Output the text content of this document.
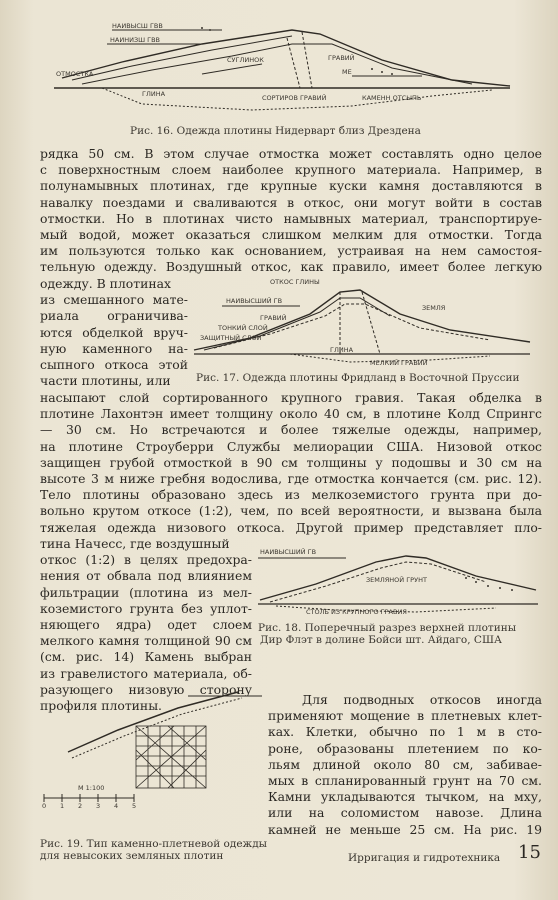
НАИВЫСШ ГВВ
НАИНИЗШ ГВВ
ОТМОСТКА
СУГЛИНОК	ГРАВИЙ
ГЛИНА	СОРТИРОВ ГРАВИЙ	КАМЕНН ОТСЫПЬ
МЕ
Рис. 16. Одежда плотины Нидерварт близ Дрездена
рядка 50 см. В этом случае отмостка может составлять одно целое
с поверхностным слоем наиболее крупного материала. Например, в
полунамывных плотинах, где крупные куски камня доставляются в
навалку поездами и сваливаются в откос, они могут войти в состав
отмостки. Но в плотинах чисто намывных материал, транспортируе-
мый водой, может оказаться слишком мелким для отмостки. Тогда
им пользуются только как основанием, устраивая на нем самостоя-
тельную одежду. Воздушный откос, как правило, имеет более легкую
одежду. В плотинах
из смешанного мате-
риала ограничива-
ются обделкой вруч-
ную каменного на-
сыпного откоса этой
части плотины, или
ОТКОС ГЛИНЫ
НАИВЫСШИЙ ГВ
ГРАВИЙ
ТОНКИЙ СЛОЙ
ЗАЩИТНЫЙ СЛОЙ
ГЛИНА
МЕЛКИЙ ГРАВИЙ
ЗЕМЛЯ
Рис. 17. Одежда плотины Фридланд в Восточной Пруссии
насыпают слой сортированного крупного гравия. Такая обделка в
плотине Лахонтэн имеет толщину около 40 см, в плотине Колд Спрингс
— 30 см. Но встречаются и более тяжелые одежды, например,
на плотине Строуберри Службы мелиорации США. Низовой откос
защищен грубой отмосткой в 90 см толщины у подошвы и 30 см на
высоте 3 м ниже гребня водослива, где отмостка кончается (см. рис. 12).
Тело плотины образовано здесь из мелкоземистого грунта при до-
вольно крутом откосе (1:2), чем, по всей вероятности, и вызвана была
тяжелая одежда низового откоса. Другой пример представляет пло-
тина Начесс, где воздушный
откос (1:2) в целях предохра-
нения от обвала под влиянием
фильтрации (плотина из мел-
коземистого грунта без уплот-
няющего ядра) одет слоем
мелкого камня толщиной 90 см
(см. рис. 14) Камень выбран
из гравелистого материала, об-
разующего низовую сторону
профиля плотины.
НАИВЫСШИЙ ГВ
ЗЕМЛЯНОЙ ГРУНТ
СТОЛБ ИЗ КРУПНОГО ГРАВИЯ
Рис. 18. Поперечный разрез верхней плотины
Дир Флэт в долине Бойси шт. Айдаго, США
М 1:100
0 1 2 3 4 5
Рис. 19. Тип каменно-плетневой одежды
для невысоких земляных плотин
Для подводных откосов иногда
применяют мощение в плетневых клет-
ках. Клетки, обычно по 1 м в сто-
роне, образованы плетением по ко-
льям длиной около 80 см, забивае-
мых в спланированный грунт на 70 см.
Камни укладываются тычком, на мху,
или на соломистом навозе. Длина
камней не меньше 25 см. На рис. 19
Ирригация и гидротехника 15
